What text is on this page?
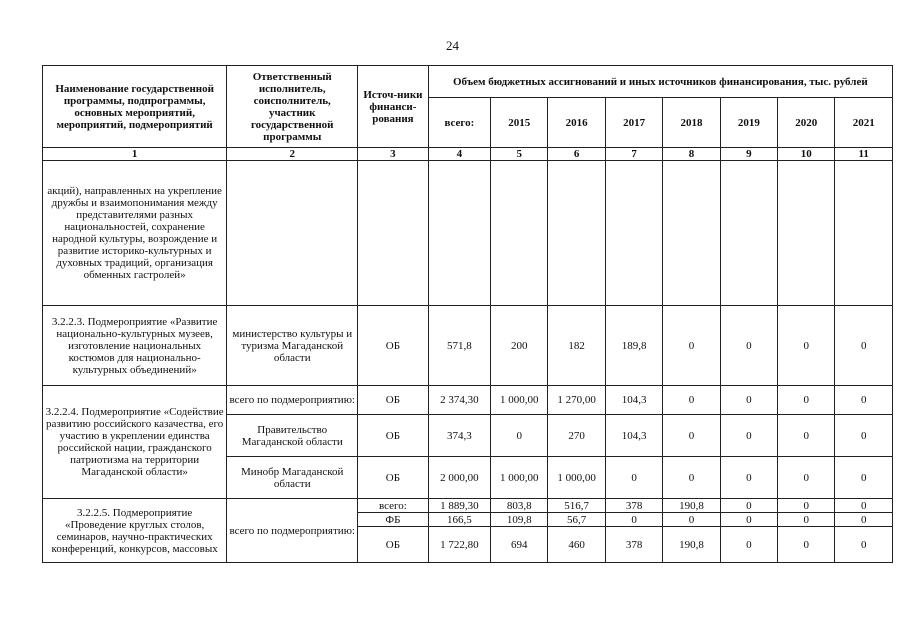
24
Наименование государственной программы, подпрограммы, основных мероприятий, мероприятий, подмероприятий	Ответственный исполнитель, соисполнитель, участник государственной программы	Источ-ники финанси-рования	Объем бюджетных ассигнований и иных источников финансирования, тыс. рублей							
			всего:	2015	2016	2017	2018	2019	2020	2021
1	2	3	4	5	6	7	8	9	10	11
акций), направленных на укрепление дружбы и взаимопонимания между представителями разных национальностей, сохранение народной культуры, возрождение и развитие историко-культурных и духовных традиций, организация обменных гастролей»										
3.2.2.3. Подмероприятие «Развитие национально-культурных музеев, изготовление национальных костюмов для национально-культурных объединений»	министерство культуры и туризма Магаданской области	ОБ	571,8	200	182	189,8	0	0	0	0
3.2.2.4. Подмероприятие «Содействие развитию российского казачества, его участию в укреплении единства российской нации, гражданского патриотизма на территории Магаданской области»	всего по подмероприятию:	ОБ	2 374,30	1 000,00	1 270,00	104,3	0	0	0	0
	Правительство Магаданской области	ОБ	374,3	0	270	104,3	0	0	0	0
	Минобр Магаданской области	ОБ	2 000,00	1 000,00	1 000,00	0	0	0	0	0
3.2.2.5. Подмероприятие «Проведение круглых столов, семинаров, научно-практических конференций, конкурсов, массовых	всего по подмероприятию:	всего:	1 889,30	803,8	516,7	378	190,8	0	0	0
		ФБ	166,5	109,8	56,7	0	0	0	0	0
		ОБ	1 722,80	694	460	378	190,8	0	0	0
